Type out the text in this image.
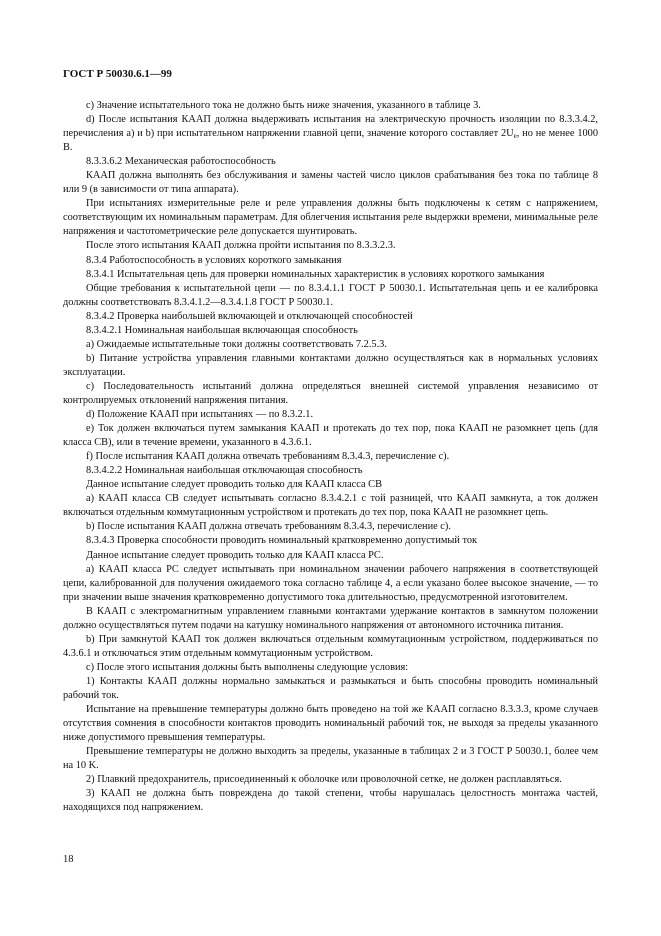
ГОСТ Р 50030.6.1—99

c) Значение испытательного тока не должно быть ниже значения, указанного в таблице 3.

d) После испытания КААП должна выдерживать испытания на электрическую прочность изоляции по 8.3.3.4.2, перечисления a) и b) при испытательном напряжении главной цепи, значение которого составляет $2U_e$, но не менее 1000 В.

8.3.3.6.2 Механическая работоспособность

КААП должна выполнять без обслуживания и замены частей число циклов срабатывания без тока по таблице 8 или 9 (в зависимости от типа аппарата).

При испытаниях измерительные реле и реле управления должны быть подключены к сетям с напряжением, соответствующим их номинальным параметрам. Для облегчения испытания реле выдержки времени, минимальные реле напряжения и частотометрические реле допускается шунтировать.

После этого испытания КААП должна пройти испытания по 8.3.3.2.3.

8.3.4 Работоспособность в условиях короткого замыкания

8.3.4.1 Испытательная цепь для проверки номинальных характеристик в условиях короткого замыкания

Общие требования к испытательной цепи — по 8.3.4.1.1 ГОСТ Р 50030.1. Испытательная цепь и ее калибровка должны соответствовать 8.3.4.1.2—8.3.4.1.8 ГОСТ Р 50030.1.

8.3.4.2 Проверка наибольшей включающей и отключающей способностей

8.3.4.2.1 Номинальная наибольшая включающая способность

a) Ожидаемые испытательные токи должны соответствовать 7.2.5.3.

b) Питание устройства управления главными контактами должно осуществляться как в нормальных условиях эксплуатации.

c) Последовательность испытаний должна определяться внешней системой управления независимо от контролируемых отклонений напряжения питания.

d) Положение КААП при испытаниях — по 8.3.2.1.

e) Ток должен включаться путем замыкания КААП и протекать до тех пор, пока КААП не разомкнет цепь (для класса CB), или в течение времени, указанного в 4.3.6.1.

f) После испытания КААП должна отвечать требованиям 8.3.4.3, перечисление c).

8.3.4.2.2 Номинальная наибольшая отключающая способность

Данное испытание следует проводить только для КААП класса CB

a) КААП класса CB следует испытывать согласно 8.3.4.2.1 с той разницей, что КААП замкнута, а ток должен включаться отдельным коммутационным устройством и протекать до тех пор, пока КААП не разомкнет цепь.

b) После испытания КААП должна отвечать требованиям 8.3.4.3, перечисление c).

8.3.4.3 Проверка способности проводить номинальный кратковременно допустимый ток

Данное испытание следует проводить только для КААП класса PC.

a) КААП класса PC следует испытывать при номинальном значении рабочего напряжения в соответствующей цепи, калиброванной для получения ожидаемого тока согласно таблице 4, а если указано более высокое значение, — то при значении выше значения кратковременно допустимого тока длительностью, предусмотренной изготовителем.

В КААП с электромагнитным управлением главными контактами удержание контактов в замкнутом положении должно осуществляться путем подачи на катушку номинального напряжения от автономного источника питания.

b) При замкнутой КААП ток должен включаться отдельным коммутационным устройством, поддерживаться по 4.3.6.1 и отключаться этим отдельным коммутационным устройством.

c) После этого испытания должны быть выполнены следующие условия:

1) Контакты КААП должны нормально замыкаться и размыкаться и быть способны проводить номинальный рабочий ток.

Испытание на превышение температуры должно быть проведено на той же КААП согласно 8.3.3.3, кроме случаев отсутствия сомнения в способности контактов проводить номинальный рабочий ток, не выходя за пределы указанного ниже допустимого превышения температуры.

Превышение температуры не должно выходить за пределы, указанные в таблицах 2 и 3 ГОСТ Р 50030.1, более чем на 10 K.

2) Плавкий предохранитель, присоединенный к оболочке или проволочной сетке, не должен расплавляться.

3) КААП не должна быть повреждена до такой степени, чтобы нарушалась целостность монтажа частей, находящихся под напряжением.

18
